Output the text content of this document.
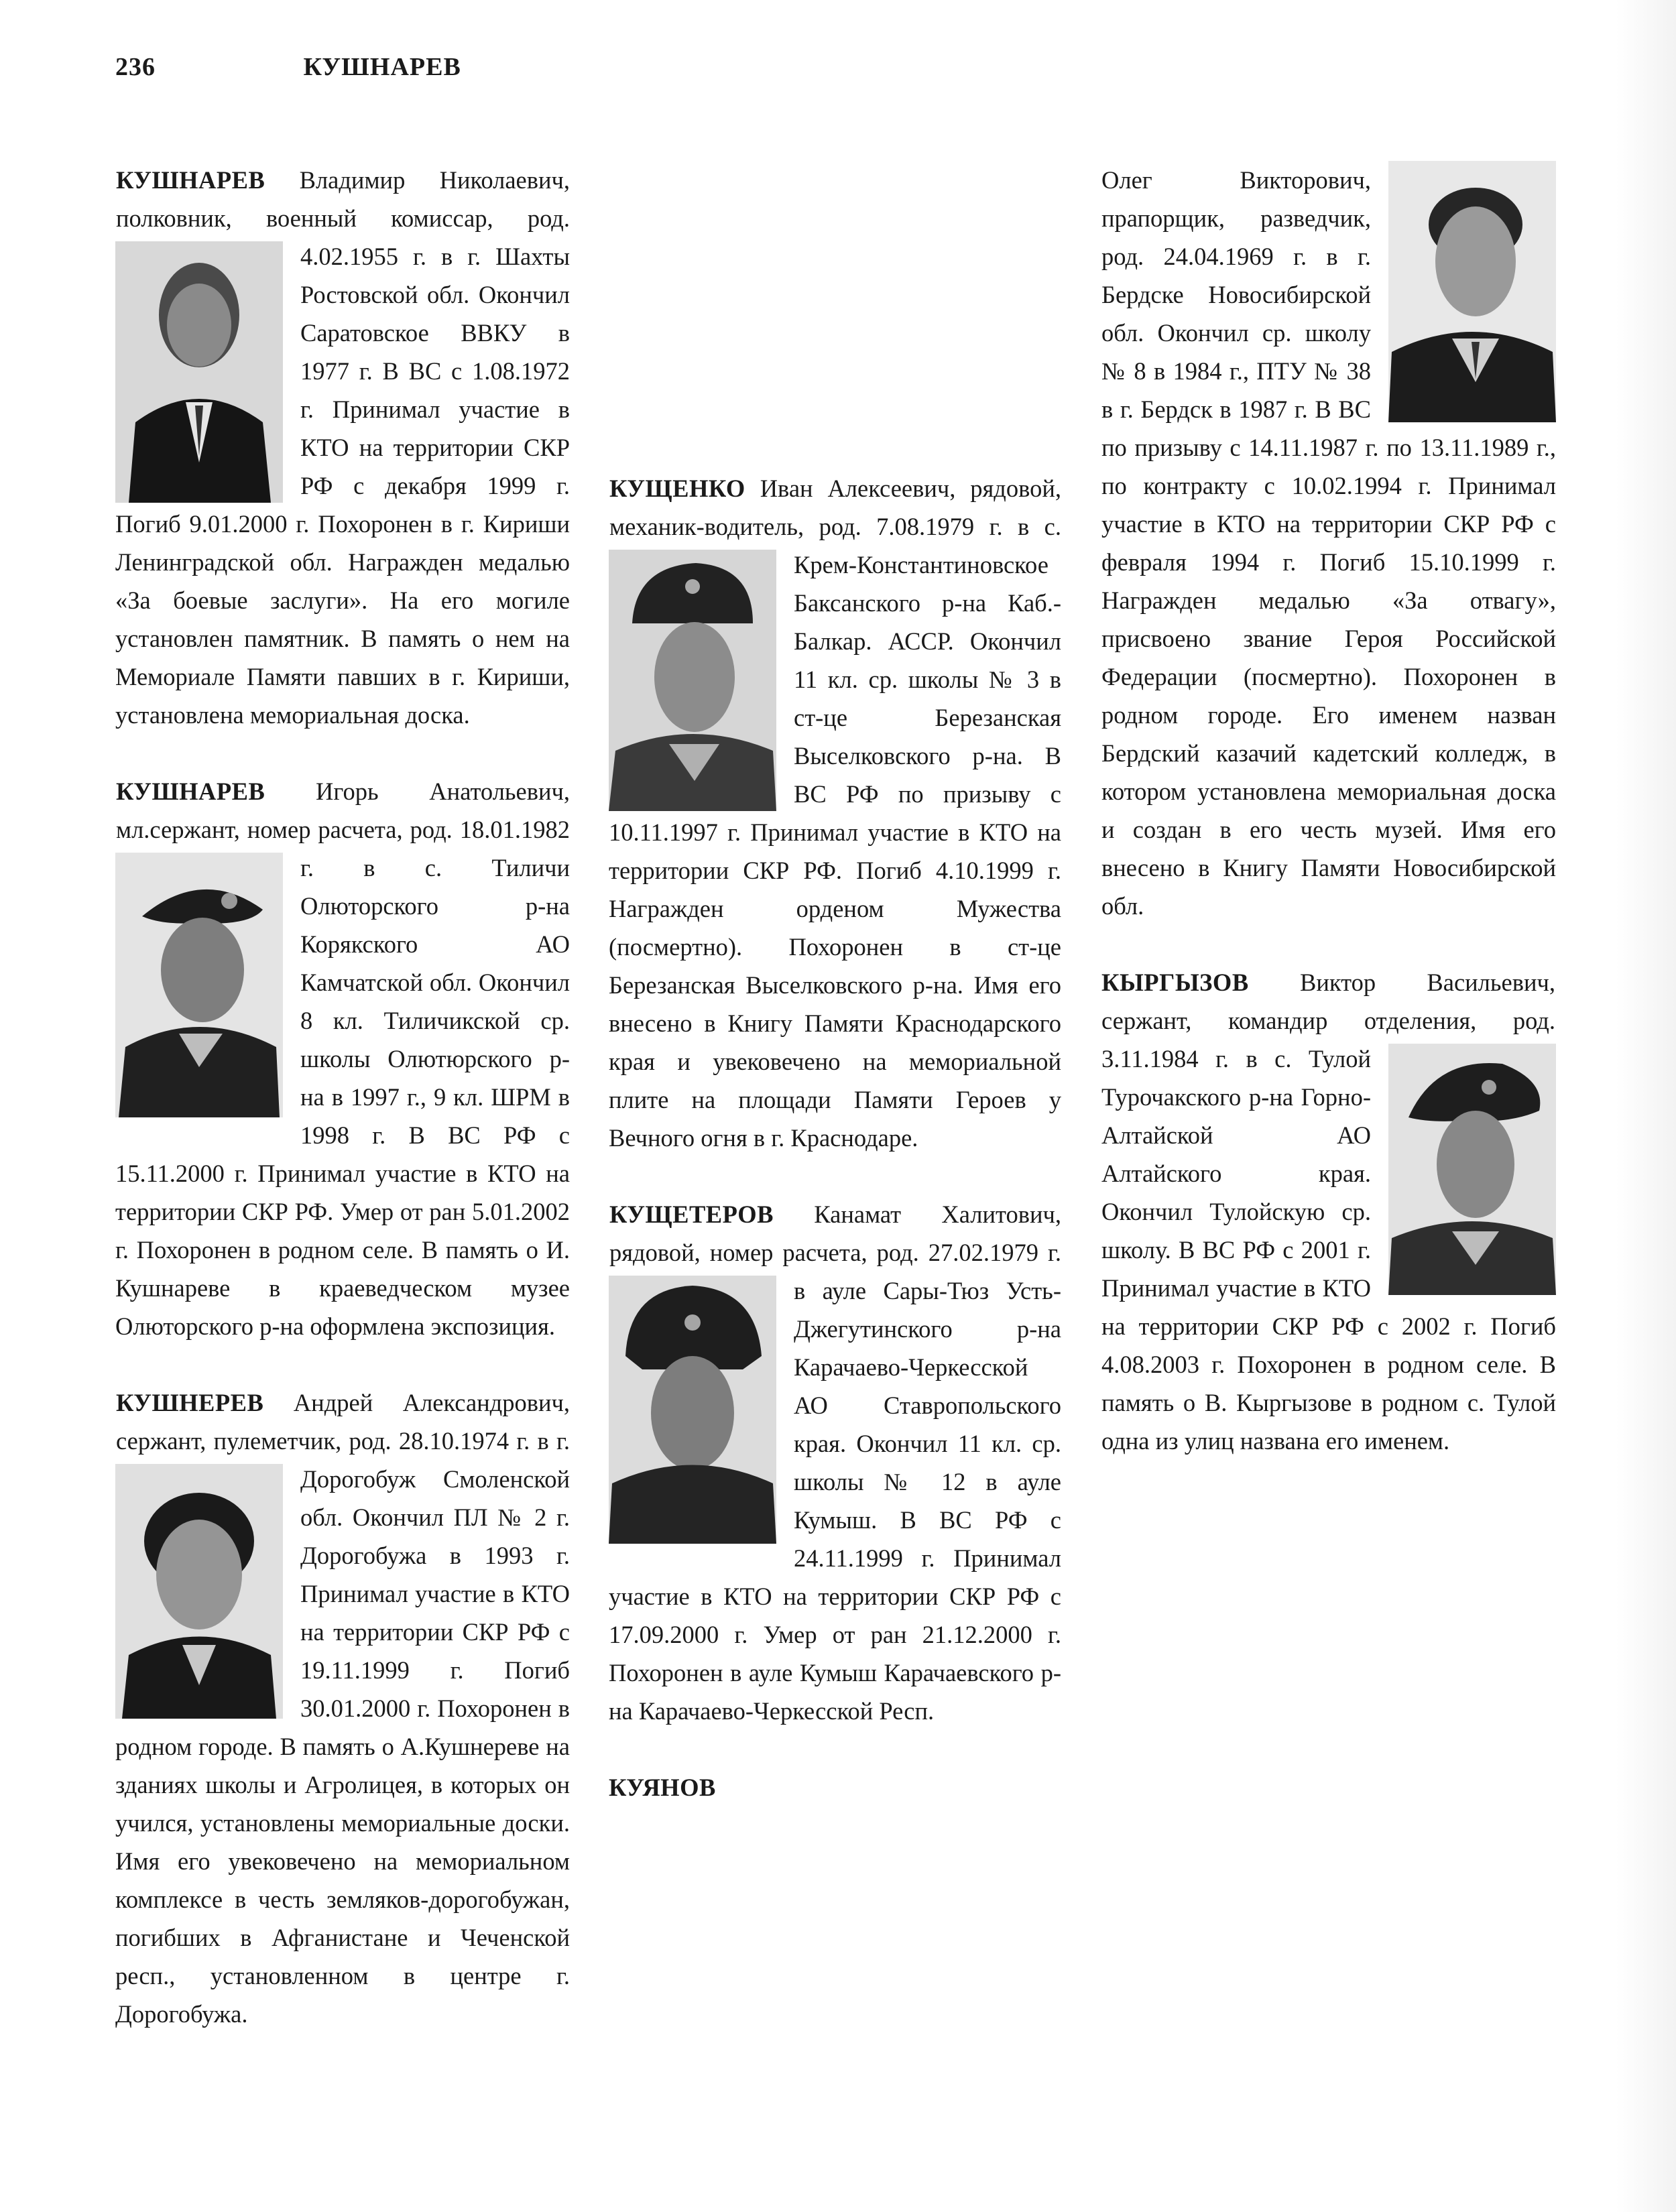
236	КУШНАРЕВ

КУШНАРЕВ Владимир Николаевич, полковник, военный комиссар, род. 4.02.1955 г. в г. Шахты Ростовской обл. Окончил Саратовское ВВКУ в 1977 г. В ВС с 1.08.1972 г. Принимал участие в КТО на территории СКР РФ с декабря 1999 г. Погиб 9.01.2000 г. Похоронен в г. Кириши Ленинградской обл. Награжден медалью «За боевые заслуги». На его могиле установлен памятник. В память о нем на Мемориале Памяти павших в г. Кириши, установлена мемориальная доска.

КУШНАРЕВ Игорь Анатольевич, мл.сержант, номер расчета, род. 18.01.1982 г. в с. Тиличи Олюторского р-на Корякского АО Камчатской обл. Окончил 8 кл. Тиличикской ср. школы Олютюрского р-на в 1997 г., 9 кл. ШРМ в 1998 г. В ВС РФ с 15.11.2000 г. Принимал участие в КТО на территории СКР РФ. Умер от ран 5.01.2002 г. Похоронен в родном селе. В память о И. Кушнареве в краеведческом музее Олюторского р-на оформлена экспозиция.

КУШНЕРЕВ Андрей Александрович, сержант, пулеметчик, род. 28.10.1974 г. в г. Дорогобуж Смоленской обл. Окончил ПЛ № 2 г. Дорогобужа в 1993 г. Принимал участие в КТО на территории СКР РФ с 19.11.1999 г. Погиб 30.01.2000 г. Похоронен в родном городе. В память о А.Кушнереве на зданиях школы и Агролицея, в которых он учился, установлены мемориальные доски. Имя его увековечено на мемориальном комплексе в честь земляков-дорогобужан, погибших в Афганистане и Чеченской респ., установленном в центре г. Дорогобужа.

КУЩЕНКО Иван Алексеевич, рядовой, механик-водитель, род. 7.08.1979 г. в с. Крем-Константиновское Баксанского р-на Каб.-Балкар. АССР. Окончил 11 кл. ср. школы № 3 в ст-це Березанская Выселковского р-на. В ВС РФ по призыву с 10.11.1997 г. Принимал участие в КТО на территории СКР РФ. Погиб 4.10.1999 г. Награжден орденом Мужества (посмертно). Похоронен в ст-це Березанская Выселковского р-на. Имя его внесено в Книгу Памяти Краснодарского края и увековечено на мемориальной плите на площади Памяти Героев у Вечного огня в г. Краснодаре.

КУЩЕТЕРОВ Канамат Халитович, рядовой, номер расчета, род. 27.02.1979 г. в ауле Сары-Тюз Усть-Джегутинского р-на Карачаево-Черкесской АО Ставропольского края. Окончил 11 кл. ср. школы № 12 в ауле Кумыш. В ВС РФ с 24.11.1999 г. Принимал участие в КТО на территории СКР РФ с 17.09.2000 г. Умер от ран 21.12.2000 г. Похоронен в ауле Кумыш Карачаевского р-на Карачаево-Черкесской Респ.

КУЯНОВ

Олег Викторович, прапорщик, разведчик, род. 24.04.1969 г. в г. Бердске Новосибирской обл. Окончил ср. школу № 8 в 1984 г., ПТУ № 38 в г. Бердск в 1987 г. В ВС по призыву с 14.11.1987 г. по 13.11.1989 г., по контракту с 10.02.1994 г. Принимал участие в КТО на территории СКР РФ с февраля 1994 г. Погиб 15.10.1999 г. Награжден медалью «За отвагу», присвоено звание Героя Российской Федерации (посмертно). Похоронен в родном городе. Его именем назван Бердский казачий кадетский колледж, в котором установлена мемориальная доска и создан в его честь музей. Имя его внесено в Книгу Памяти Новосибирской обл.

КЫРГЫЗОВ Виктор Васильевич, сержант, командир отделения, род. 3.11.1984 г. в с. Тулой Турочакского р-на Горно-Алтайской АО Алтайского края. Окончил Тулойскую ср. школу. В ВС РФ с 2001 г. Принимал участие в КТО на территории СКР РФ с 2002 г. Погиб 4.08.2003 г. Похоронен в родном селе. В память о В. Кыргызове в родном с. Тулой одна из улиц названа его именем.
